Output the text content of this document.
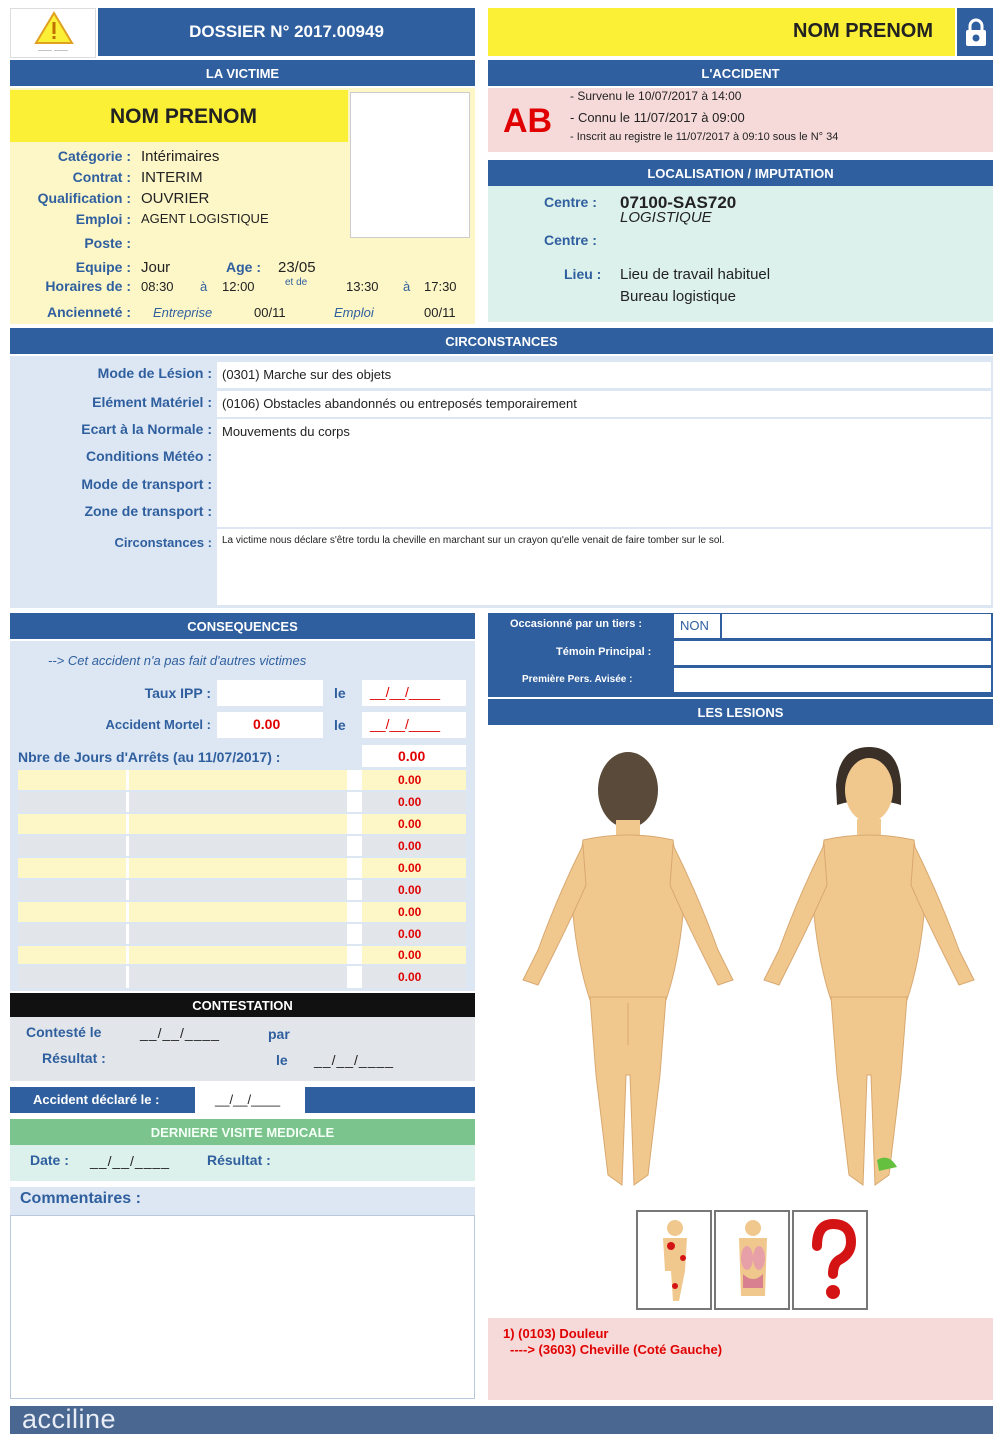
—— ——
DOSSIER N° 2017.00949	NOM PRENOM
LA VICTIME
NOM PRENOM
Catégorie : Intérimaires
Contrat : INTERIM
Qualification : OUVRIER
Emploi : AGENT LOGISTIQUE
Poste :
Equipe : Jour	Age : 23/05
Horaires de : 08:30 à 12:00	et de	13:30 à 17:30
Ancienneté : Entreprise	00/11	Emploi	00/11
L'ACCIDENT
AB
- Survenu le 10/07/2017 à 14:00
- Connu le 11/07/2017 à 09:00
- Inscrit au registre le 11/07/2017 à 09:10 sous le N° 34
LOCALISATION / IMPUTATION
Centre : 07100-SAS720
LOGISTIQUE
Centre :
Lieu : Lieu de travail habituel
Bureau logistique
CIRCONSTANCES
Mode de Lésion : (0301) Marche sur des objets
Elément Matériel : (0106) Obstacles abandonnés ou entreposés temporairement
Ecart à la Normale : Mouvements du corps
Conditions Météo :
Mode de transport :
Zone de transport :
Circonstances : La victime nous déclare s'être tordu la cheville en marchant sur un crayon qu'elle venait de faire tomber sur le sol.
CONSEQUENCES
--> Cet accident n'a pas fait d'autres victimes
Taux IPP :	le __/__/____
Accident Mortel :	0.00	le __/__/____
Nbre de Jours d'Arrêts (au 11/07/2017) :	0.00
0.00
0.00
0.00
0.00
0.00
0.00
0.00
0.00
0.00
0.00
CONTESTATION
Contesté le	__/__/____	par
Résultat :	le __/__/____
Accident déclaré le :	__/__/____
DERNIERE VISITE MEDICALE
Date : __/__/____	Résultat :
Commentaires :
Occasionné par un tiers :	NON
Témoin Principal :
Première Pers. Avisée :
LES LESIONS
1) (0103) Douleur
----> (3603) Cheville (Coté Gauche)
acciline
